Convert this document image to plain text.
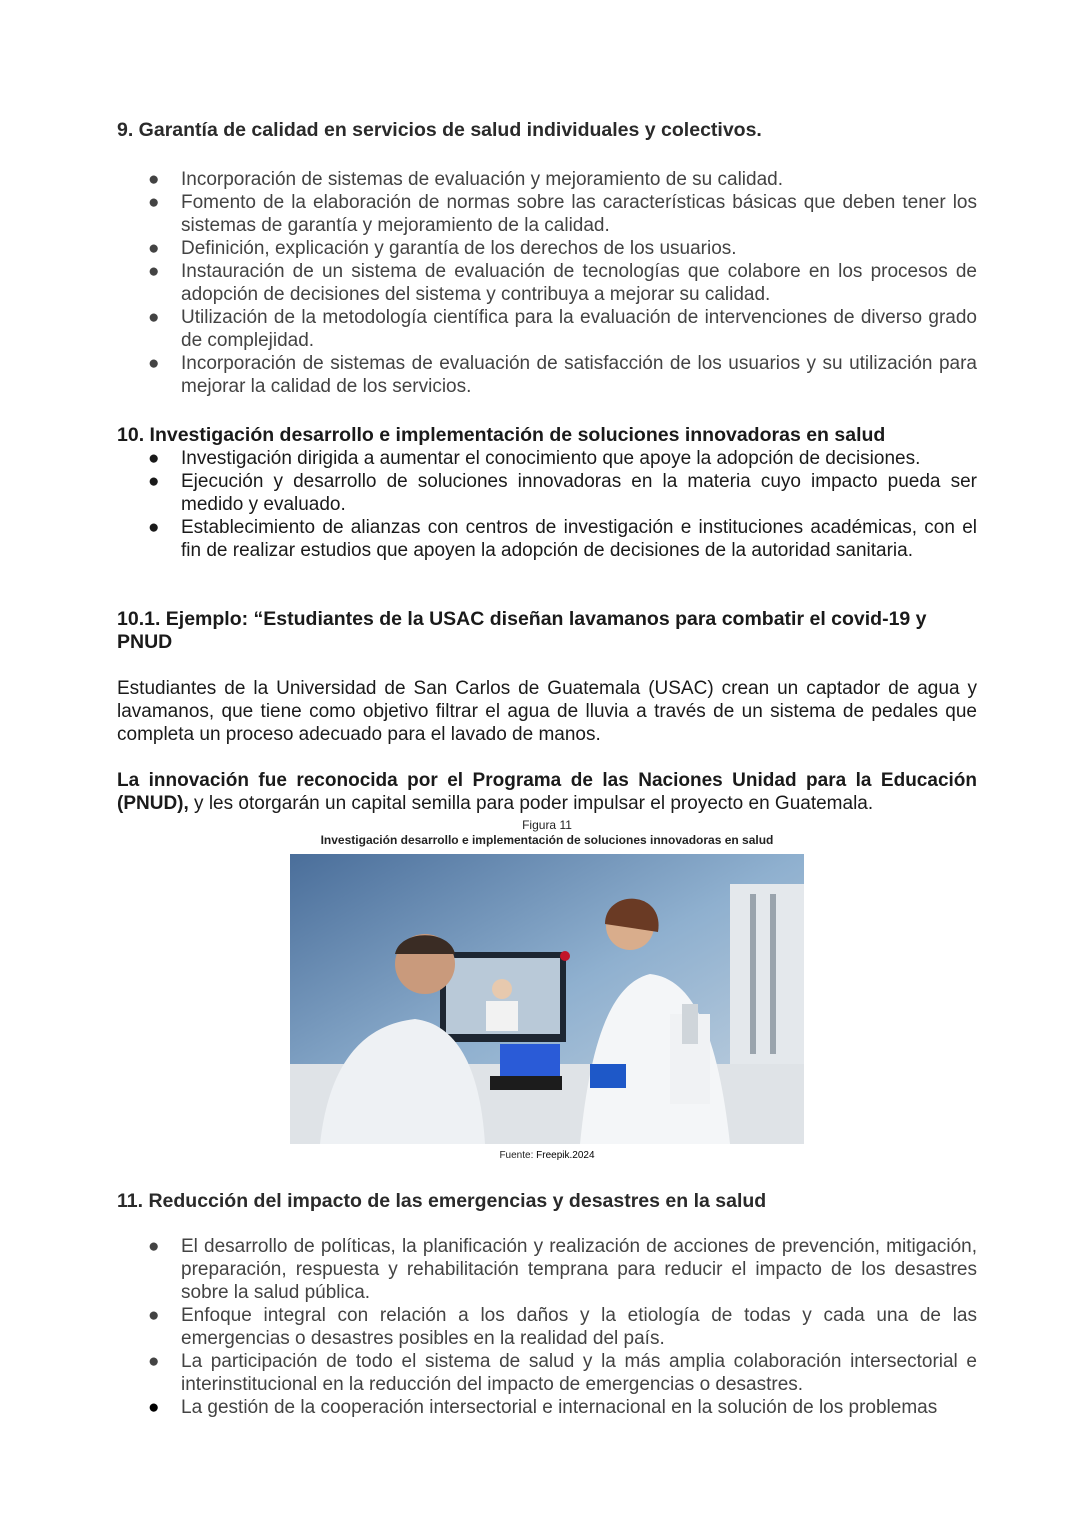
9. Garantía de calidad en servicios de salud individuales y colectivos.
● Incorporación de sistemas de evaluación y mejoramiento de su calidad.
● Fomento de la elaboración de normas sobre las características básicas que deben tener los sistemas de garantía y mejoramiento de la calidad.
● Definición, explicación y garantía de los derechos de los usuarios.
● Instauración de un sistema de evaluación de tecnologías que colabore en los procesos de adopción de decisiones del sistema y contribuya a mejorar su calidad.
● Utilización de la metodología científica para la evaluación de intervenciones de diverso grado de complejidad.
● Incorporación de sistemas de evaluación de satisfacción de los usuarios y su utilización para mejorar la calidad de los servicios.
10. Investigación desarrollo e implementación de soluciones innovadoras en salud
● Investigación dirigida a aumentar el conocimiento que apoye la adopción de decisiones.
● Ejecución y desarrollo de soluciones innovadoras en la materia cuyo impacto pueda ser medido y evaluado.
● Establecimiento de alianzas con centros de investigación e instituciones académicas, con el fin de realizar estudios que apoyen la adopción de decisiones de la autoridad sanitaria.
10.1. Ejemplo: “Estudiantes de la USAC diseñan lavamanos para combatir el covid-19 y PNUD

Estudiantes de la Universidad de San Carlos de Guatemala (USAC) crean un captador de agua y lavamanos, que tiene como objetivo filtrar el agua de lluvia a través de un sistema de pedales que completa un proceso adecuado para el lavado de manos.

La innovación fue reconocida por el Programa de las Naciones Unidad para la Educación (PNUD), y les otorgarán un capital semilla para poder impulsar el proyecto en Guatemala.

Figura 11
Investigación desarrollo e implementación de soluciones innovadoras en salud
Fuente: Freepik.2024
11. Reducción del impacto de las emergencias y desastres en la salud
● El desarrollo de políticas, la planificación y realización de acciones de prevención, mitigación, preparación, respuesta y rehabilitación temprana para reducir el impacto de los desastres sobre la salud pública.
● Enfoque integral con relación a los daños y la etiología de todas y cada una de las emergencias o desastres posibles en la realidad del país.
● La participación de todo el sistema de salud y la más amplia colaboración intersectorial e interinstitucional en la reducción del impacto de emergencias o desastres.
● La gestión de la cooperación intersectorial e internacional en la solución de los problemas
